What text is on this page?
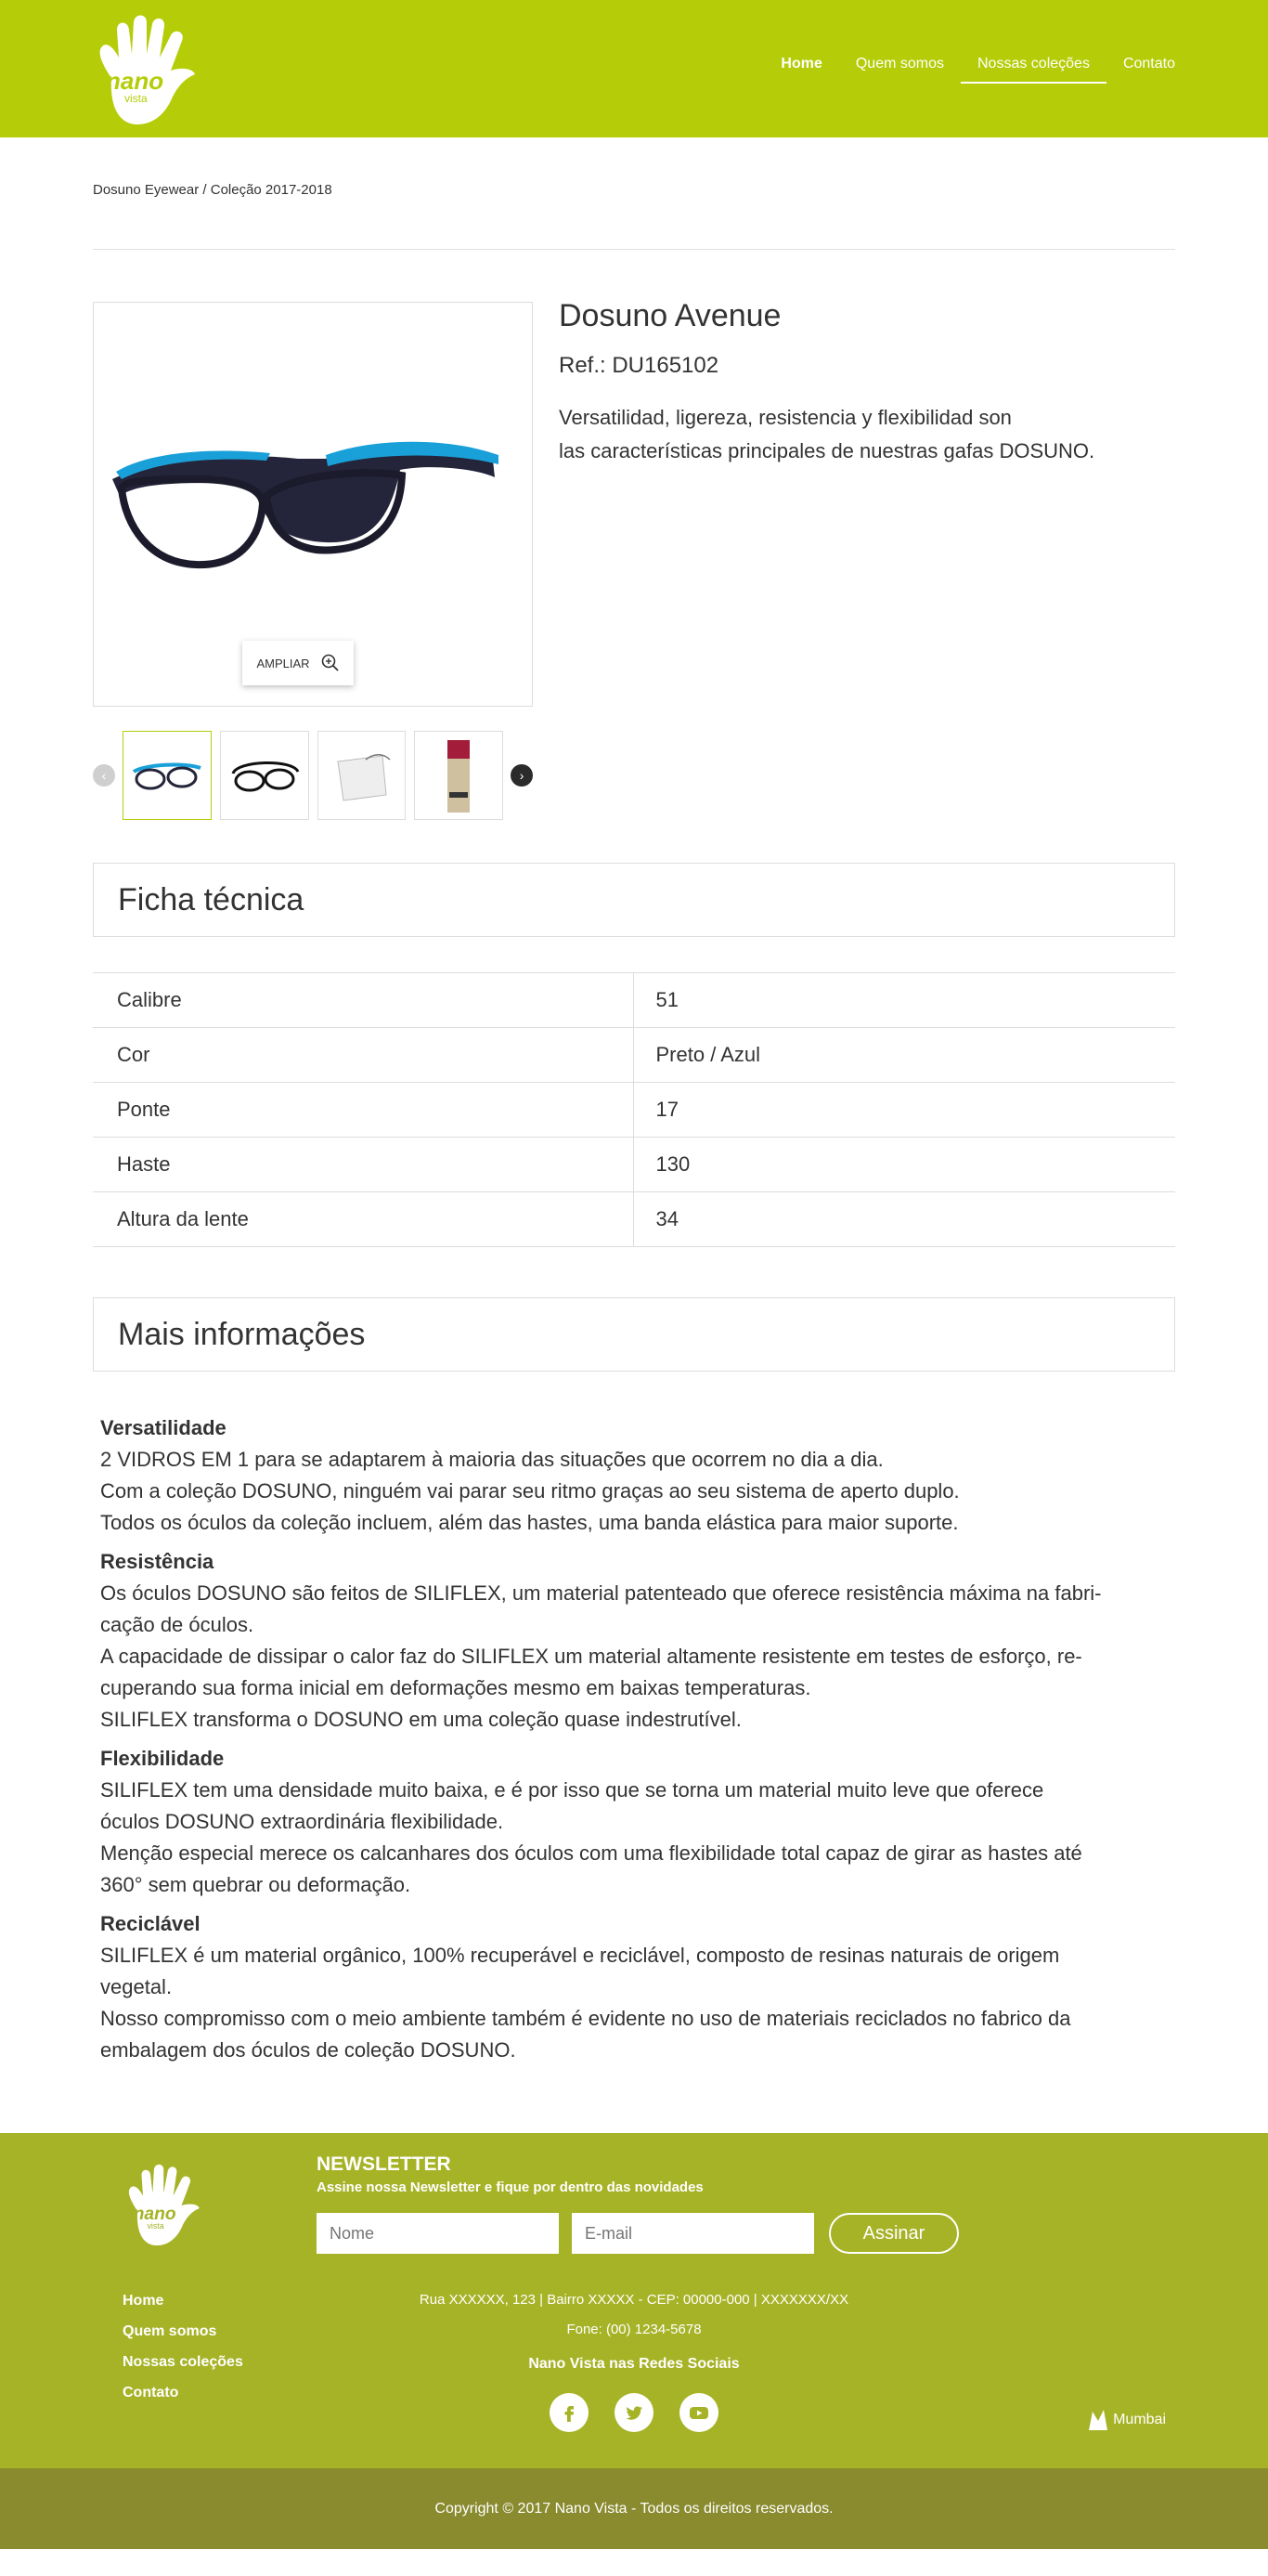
nano
vista
Home	Quem somos	Nossas coleções	Contato
Dosuno Eyewear / Coleção 2017-2018
AMPLIAR
‹	›
Dosuno Avenue
Ref.: DU165102
Versatilidad, ligereza, resistencia y flexibilidad son
las características principales de nuestras gafas DOSUNO.
Ficha técnica
Calibre	51
Cor	Preto / Azul
Ponte	17
Haste	130
Altura da lente	34
Mais informações
Versatilidade
2 VIDROS EM 1 para se adaptarem à maioria das situações que ocorrem no dia a dia.
Com a coleção DOSUNO, ninguém vai parar seu ritmo graças ao seu sistema de aperto duplo.
Todos os óculos da coleção incluem, além das hastes, uma banda elástica para maior suporte.
Resistência
Os óculos DOSUNO são feitos de SILIFLEX, um material patenteado que oferece resistência máxima na fabri-
cação de óculos.
A capacidade de dissipar o calor faz do SILIFLEX um material altamente resistente em testes de esforço, re-
cuperando sua forma inicial em deformações mesmo em baixas temperaturas.
SILIFLEX transforma o DOSUNO em uma coleção quase indestrutível.
Flexibilidade
SILIFLEX tem uma densidade muito baixa, e é por isso que se torna um material muito leve que oferece
óculos DOSUNO extraordinária flexibilidade.
Menção especial merece os calcanhares dos óculos com uma flexibilidade total capaz de girar as hastes até
360° sem quebrar ou deformação.
Reciclável
SILIFLEX é um material orgânico, 100% recuperável e reciclável, composto de resinas naturais de origem
vegetal.
Nosso compromisso com o meio ambiente também é evidente no uso de materiais reciclados no fabrico da
embalagem dos óculos de coleção DOSUNO.
nano
vista
NEWSLETTER
Assine nossa Newsletter e fique por dentro das novidades
Nome
E-mail
Assinar
Home
Quem somos
Nossas coleções
Contato
Rua XXXXXX, 123 | Bairro XXXXX - CEP: 00000-000 | XXXXXXX/XX
Fone: (00) 1234-5678
Nano Vista nas Redes Sociais
Mumbai
Copyright © 2017 Nano Vista - Todos os direitos reservados.
